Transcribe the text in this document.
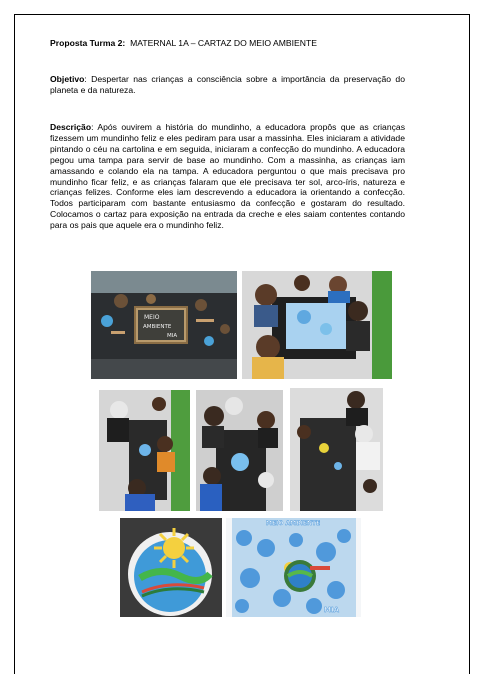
Proposta Turma 2: MATERNAL 1A – CARTAZ DO MEIO AMBIENTE
Objetivo: Despertar nas crianças a consciência sobre a importância da preservação do planeta e da natureza.
Descrição: Após ouvirem a história do mundinho, a educadora propôs que as crianças fizessem um mundinho feliz e eles pediram para usar a massinha. Eles iniciaram a atividade pintando o céu na cartolina e em seguida, iniciaram a confecção do mundinho. A educadora pegou uma tampa para servir de base ao mundinho. Com a massinha, as crianças iam amassando e colando ela na tampa. A educadora perguntou o que mais precisava pro mundinho ficar feliz, e as crianças falaram que ele precisava ter sol, arco-íris, natureza e crianças felizes. Conforme eles iam descrevendo a educadora ia orientando a confecção. Todos participaram com bastante entusiasmo da confecção e gostaram do resultado. Colocamos o cartaz para exposição na entrada da creche e eles saiam contentes contando para os pais que aquele era o mundinho feliz.
MEIO
AMBIENTE
MIA
MEIO AMBIENTE
MIA
